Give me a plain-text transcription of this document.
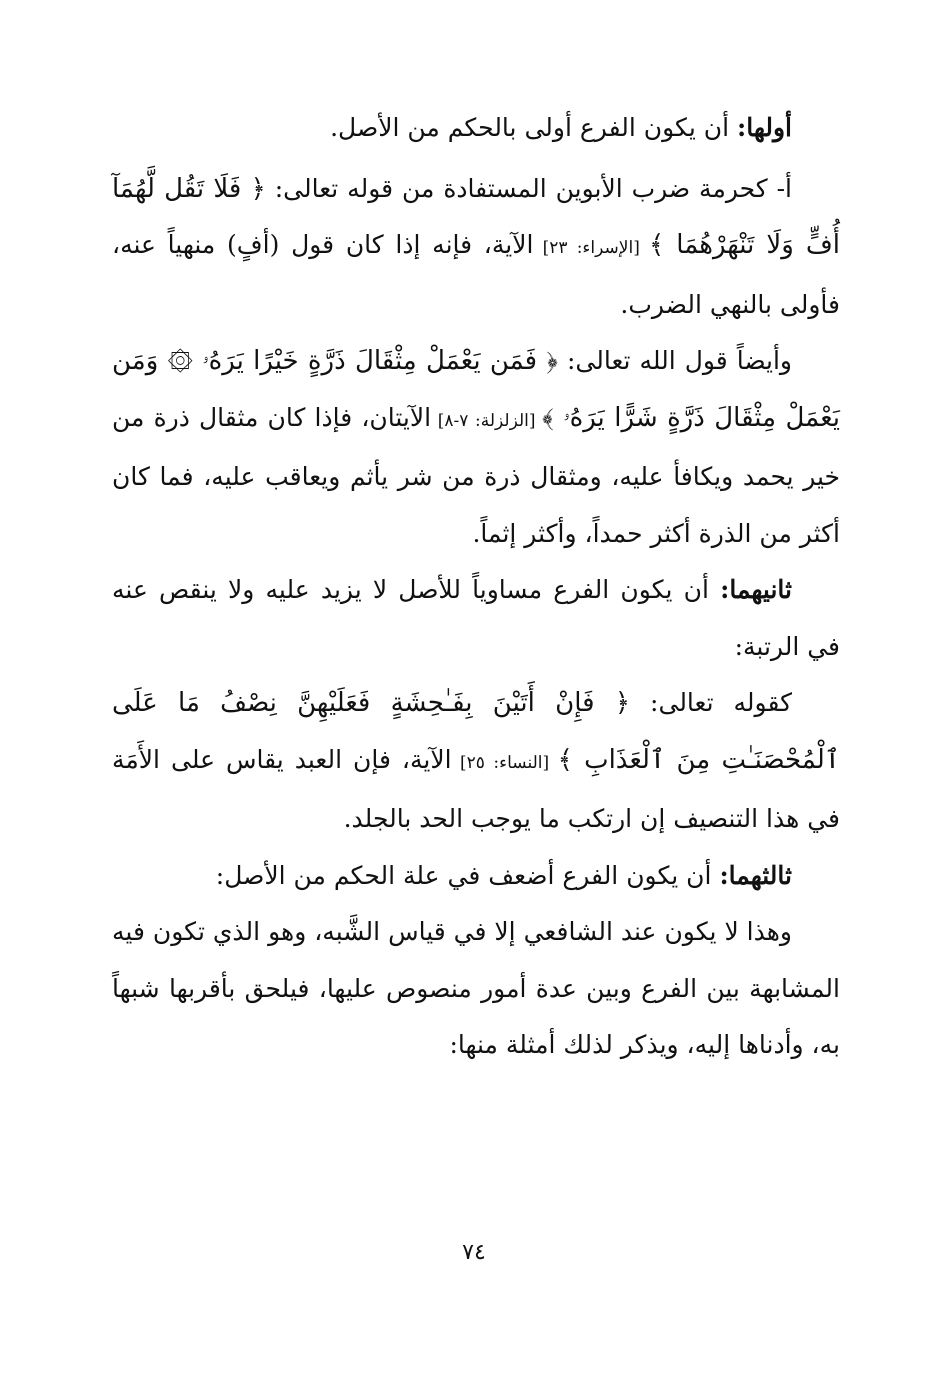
أولها: أن يكون الفرع أولى بالحكم من الأصل.

أ- كحرمة ضرب الأبوين المستفادة من قوله تعالى: ﴿ فَلَا تَقُل لَّهُمَآ أُفٍّ وَلَا تَنْهَرْهُمَا ﴾ [الإسراء: ٢٣] الآية، فإنه إذا كان قول (أفٍ) منهياً عنه، فأولى بالنهي الضرب.

وأيضاً قول الله تعالى: ﴿ فَمَن يَعْمَلْ مِثْقَالَ ذَرَّةٍ خَيْرًا يَرَهُۥ ۞ وَمَن يَعْمَلْ مِثْقَالَ ذَرَّةٍ شَرًّا يَرَهُۥ ﴾ [الزلزلة: ٧-٨] الآيتان، فإذا كان مثقال ذرة من خير يحمد ويكافأ عليه، ومثقال ذرة من شر يأثم ويعاقب عليه، فما كان أكثر من الذرة أكثر حمداً، وأكثر إثماً.

ثانيهما: أن يكون الفرع مساوياً للأصل لا يزيد عليه ولا ينقص عنه في الرتبة:

كقوله تعالى: ﴿ فَإِنْ أَتَيْنَ بِفَـٰحِشَةٍ فَعَلَيْهِنَّ نِصْفُ مَا عَلَى ٱلْمُحْصَنَـٰتِ مِنَ ٱلْعَذَابِ ﴾ [النساء: ٢٥] الآية، فإن العبد يقاس على الأَمَة في هذا التنصيف إن ارتكب ما يوجب الحد بالجلد.

ثالثهما: أن يكون الفرع أضعف في علة الحكم من الأصل:

وهذا لا يكون عند الشافعي إلا في قياس الشَّبه، وهو الذي تكون فيه المشابهة بين الفرع وبين عدة أمور منصوص عليها، فيلحق بأقربها شبهاً به، وأدناها إليه، ويذكر لذلك أمثلة منها:

٧٤
